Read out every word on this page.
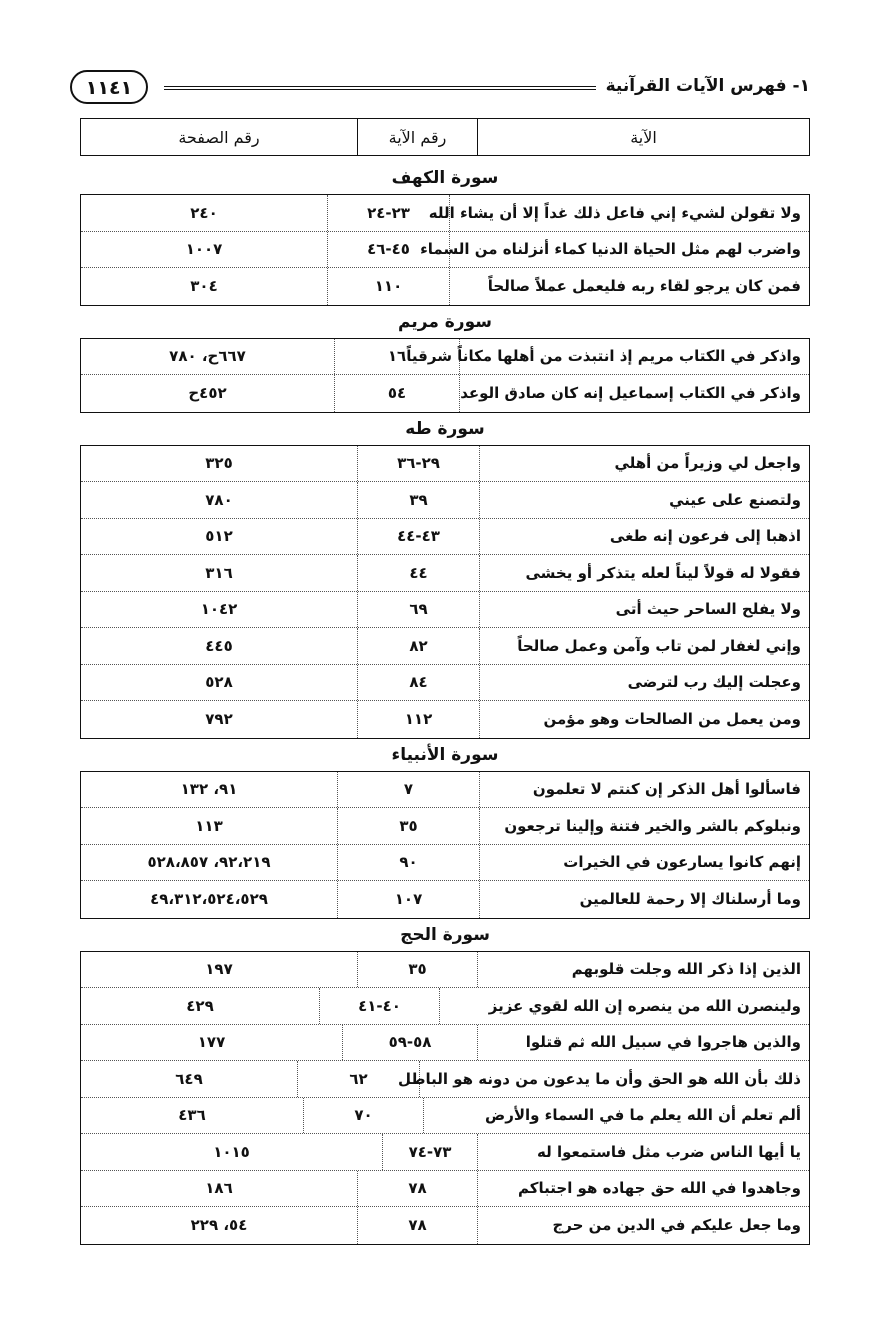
١- فهرس الآيات القرآنية
١١٤١
الآية
رقم الآية
رقم الصفحة
سورة الكهف
ولا تقولن لشيء إني فاعل ذلك غداً إلا أن يشاء الله
٢٣-٢٤
٢٤٠
واضرب لهم مثل الحياة الدنيا كماء أنزلناه من السماء
٤٥-٤٦
١٠٠٧
فمن كان يرجو لقاء ربه فليعمل عملاً صالحاً
١١٠
٣٠٤
سورة مريم
واذكر في الكتاب مريم إذ انتبذت من أهلها مكاناً شرقياً
١٦
٦٦٧ح، ٧٨٠
واذكر في الكتاب إسماعيل إنه كان صادق الوعد
٥٤
٤٥٢ح
سورة طه
واجعل لي وزيراً من أهلي
٢٩-٣٦
٣٢٥
ولتصنع على عيني
٣٩
٧٨٠
اذهبا إلى فرعون إنه طغى
٤٣-٤٤
٥١٢
فقولا له قولاً ليناً لعله يتذكر أو يخشى
٤٤
٣١٦
ولا يفلح الساحر حيث أتى
٦٩
١٠٤٢
وإني لغفار لمن تاب وآمن وعمل صالحاً
٨٢
٤٤٥
وعجلت إليك رب لترضى
٨٤
٥٢٨
ومن يعمل من الصالحات وهو مؤمن
١١٢
٧٩٢
سورة الأنبياء
فاسألوا أهل الذكر إن كنتم لا تعلمون
٧
٩١، ١٣٢
ونبلوكم بالشر والخير فتنة وإلينا ترجعون
٣٥
١١٣
إنهم كانوا يسارعون في الخيرات
٩٠
٩٢،٢١٩، ٥٢٨،٨٥٧
وما أرسلناك إلا رحمة للعالمين
١٠٧
٤٩،٣١٢،٥٢٤،٥٢٩
سورة الحج
الذين إذا ذكر الله وجلت قلوبهم
٣٥
١٩٧
ولينصرن الله من ينصره إن الله لقوي عزيز
٤٠-٤١
٤٢٩
والذين هاجروا في سبيل الله ثم قتلوا
٥٨-٥٩
١٧٧
ذلك بأن الله هو الحق وأن ما يدعون من دونه هو الباطل
٦٢
٦٤٩
ألم تعلم أن الله يعلم ما في السماء والأرض
٧٠
٤٣٦
يا أيها الناس ضرب مثل فاستمعوا له
٧٣-٧٤
١٠١٥
وجاهدوا في الله حق جهاده هو اجتباكم
٧٨
١٨٦
وما جعل عليكم في الدين من حرج
٧٨
٥٤، ٢٢٩
